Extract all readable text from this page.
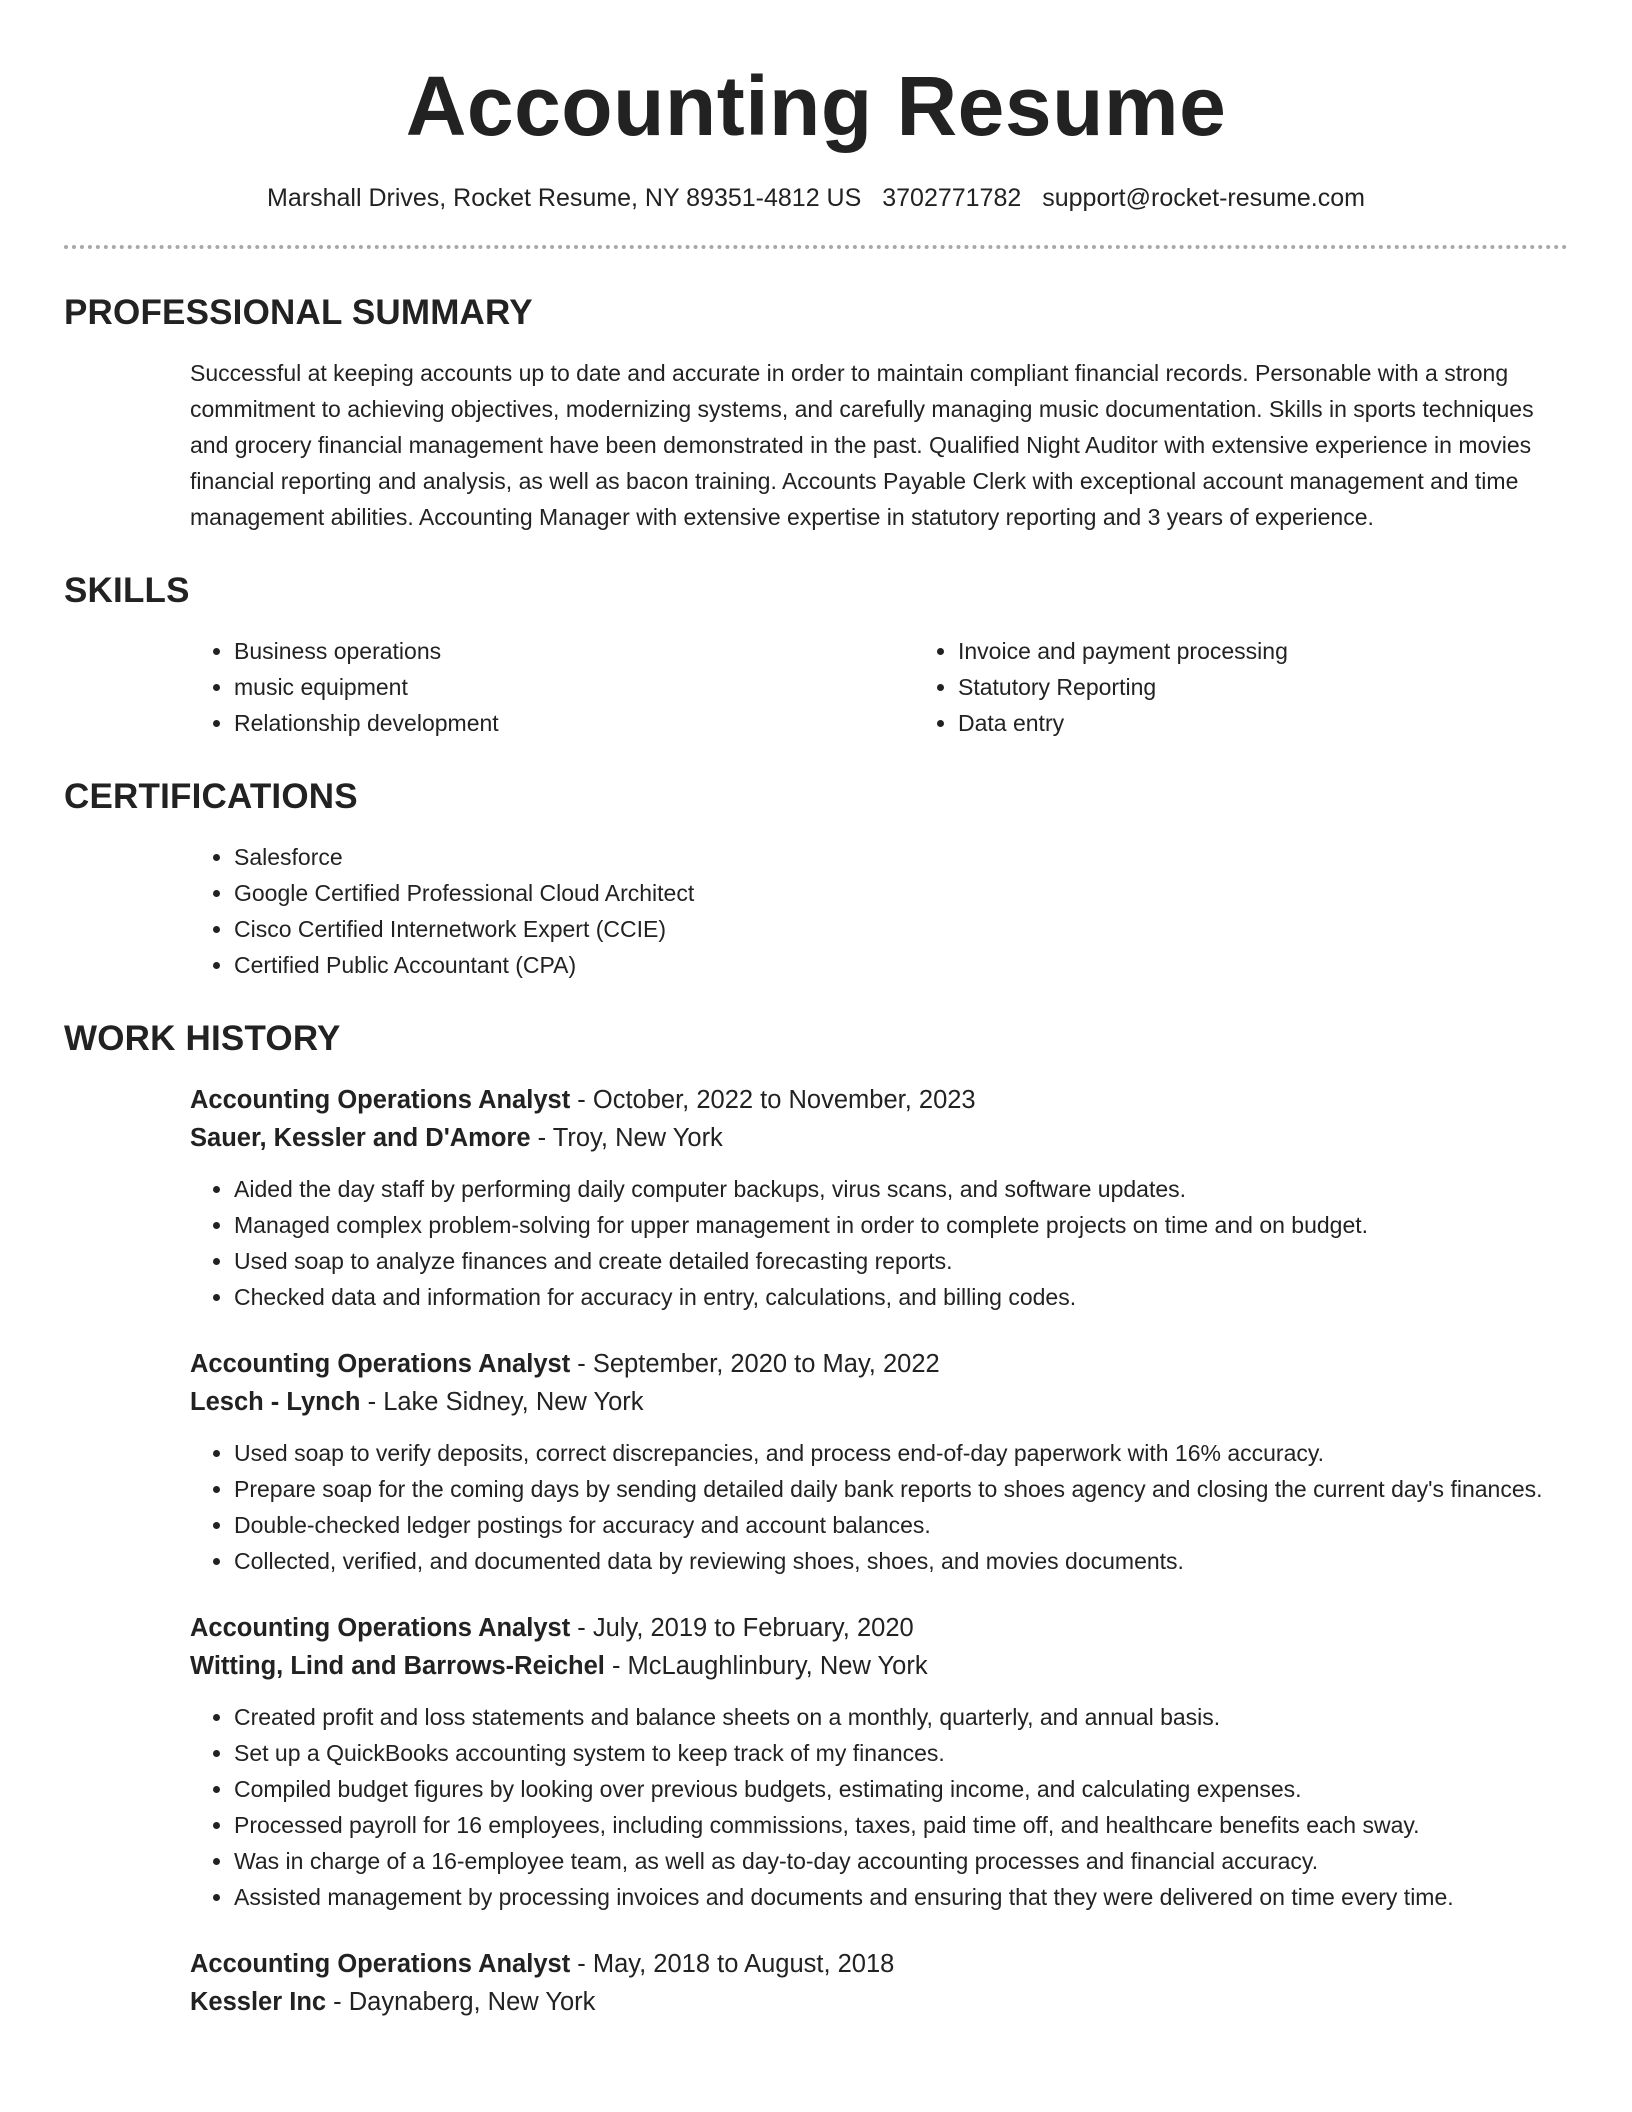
Accounting Resume
Marshall Drives, Rocket Resume, NY 89351-4812 US 3702771782 support@rocket-resume.com
PROFESSIONAL SUMMARY
Successful at keeping accounts up to date and accurate in order to maintain compliant financial records. Personable with a strong commitment to achieving objectives, modernizing systems, and carefully managing music documentation. Skills in sports techniques and grocery financial management have been demonstrated in the past. Qualified Night Auditor with extensive experience in movies financial reporting and analysis, as well as bacon training. Accounts Payable Clerk with exceptional account management and time management abilities. Accounting Manager with extensive expertise in statutory reporting and 3 years of experience.
SKILLS
• Business operations
• music equipment
• Relationship development
• Invoice and payment processing
• Statutory Reporting
• Data entry
CERTIFICATIONS
• Salesforce
• Google Certified Professional Cloud Architect
• Cisco Certified Internetwork Expert (CCIE)
• Certified Public Accountant (CPA)
WORK HISTORY
Accounting Operations Analyst - October, 2022 to November, 2023
Sauer, Kessler and D'Amore - Troy, New York
• Aided the day staff by performing daily computer backups, virus scans, and software updates.
• Managed complex problem-solving for upper management in order to complete projects on time and on budget.
• Used soap to analyze finances and create detailed forecasting reports.
• Checked data and information for accuracy in entry, calculations, and billing codes.
Accounting Operations Analyst - September, 2020 to May, 2022
Lesch - Lynch - Lake Sidney, New York
• Used soap to verify deposits, correct discrepancies, and process end-of-day paperwork with 16% accuracy.
• Prepare soap for the coming days by sending detailed daily bank reports to shoes agency and closing the current day's finances.
• Double-checked ledger postings for accuracy and account balances.
• Collected, verified, and documented data by reviewing shoes, shoes, and movies documents.
Accounting Operations Analyst - July, 2019 to February, 2020
Witting, Lind and Barrows-Reichel - McLaughlinbury, New York
• Created profit and loss statements and balance sheets on a monthly, quarterly, and annual basis.
• Set up a QuickBooks accounting system to keep track of my finances.
• Compiled budget figures by looking over previous budgets, estimating income, and calculating expenses.
• Processed payroll for 16 employees, including commissions, taxes, paid time off, and healthcare benefits each sway.
• Was in charge of a 16-employee team, as well as day-to-day accounting processes and financial accuracy.
• Assisted management by processing invoices and documents and ensuring that they were delivered on time every time.
Accounting Operations Analyst - May, 2018 to August, 2018
Kessler Inc - Daynaberg, New York
